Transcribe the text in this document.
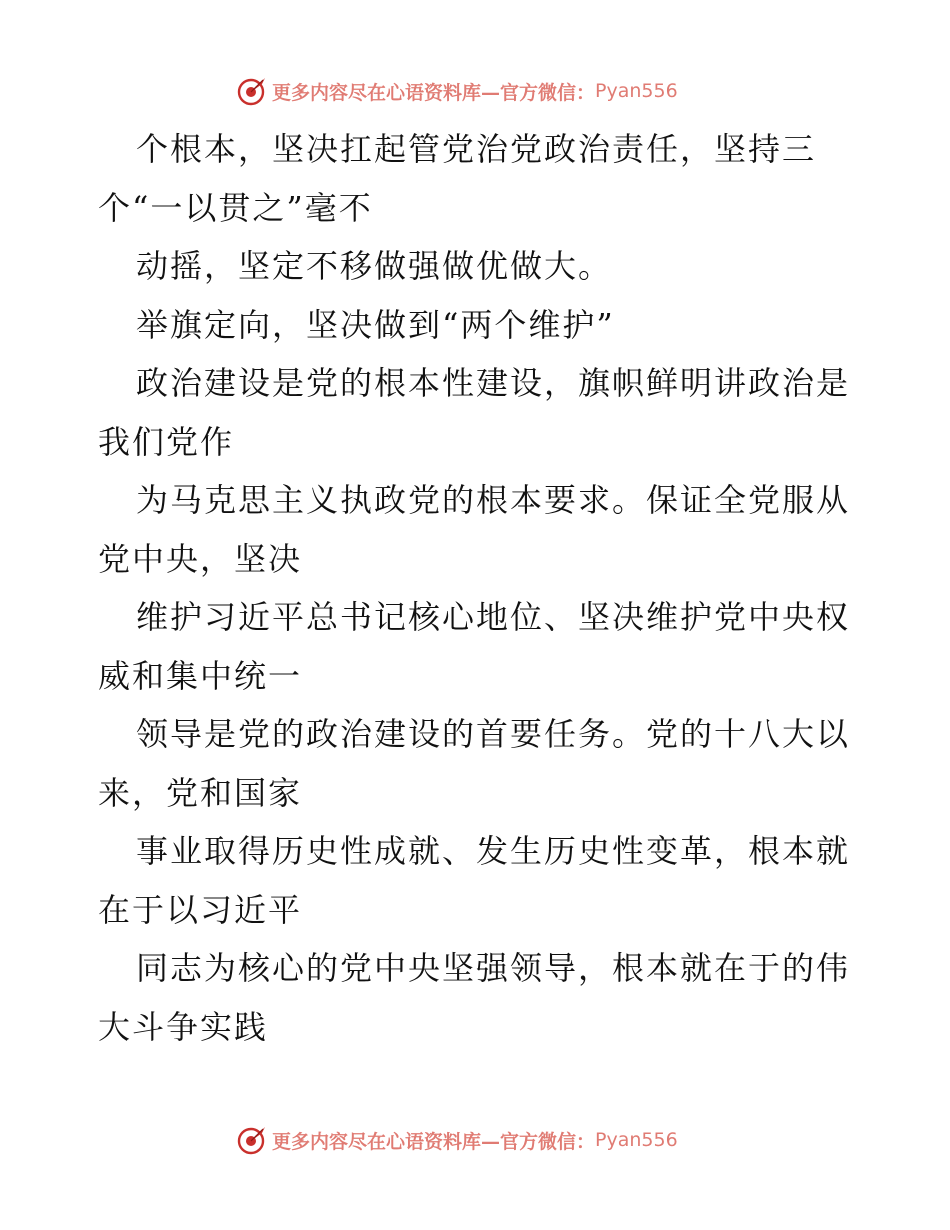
更多内容尽在心语资料库—官方微信： Pyan556

个根本，坚决扛起管党治党政治责任，坚持三个“一以贯之”毫不

动摇，坚定不移做强做优做大。

举旗定向，坚决做到“两个维护”

政治建设是党的根本性建设，旗帜鲜明讲政治是我们党作

为马克思主义执政党的根本要求。保证全党服从党中央，坚决

维护习近平总书记核心地位、坚决维护党中央权威和集中统一

领导是党的政治建设的首要任务。党的十八大以来，党和国家

事业取得历史性成就、发生历史性变革，根本就在于以习近平

同志为核心的党中央坚强领导，根本就在于的伟大斗争实践

更多内容尽在心语资料库—官方微信： Pyan556
